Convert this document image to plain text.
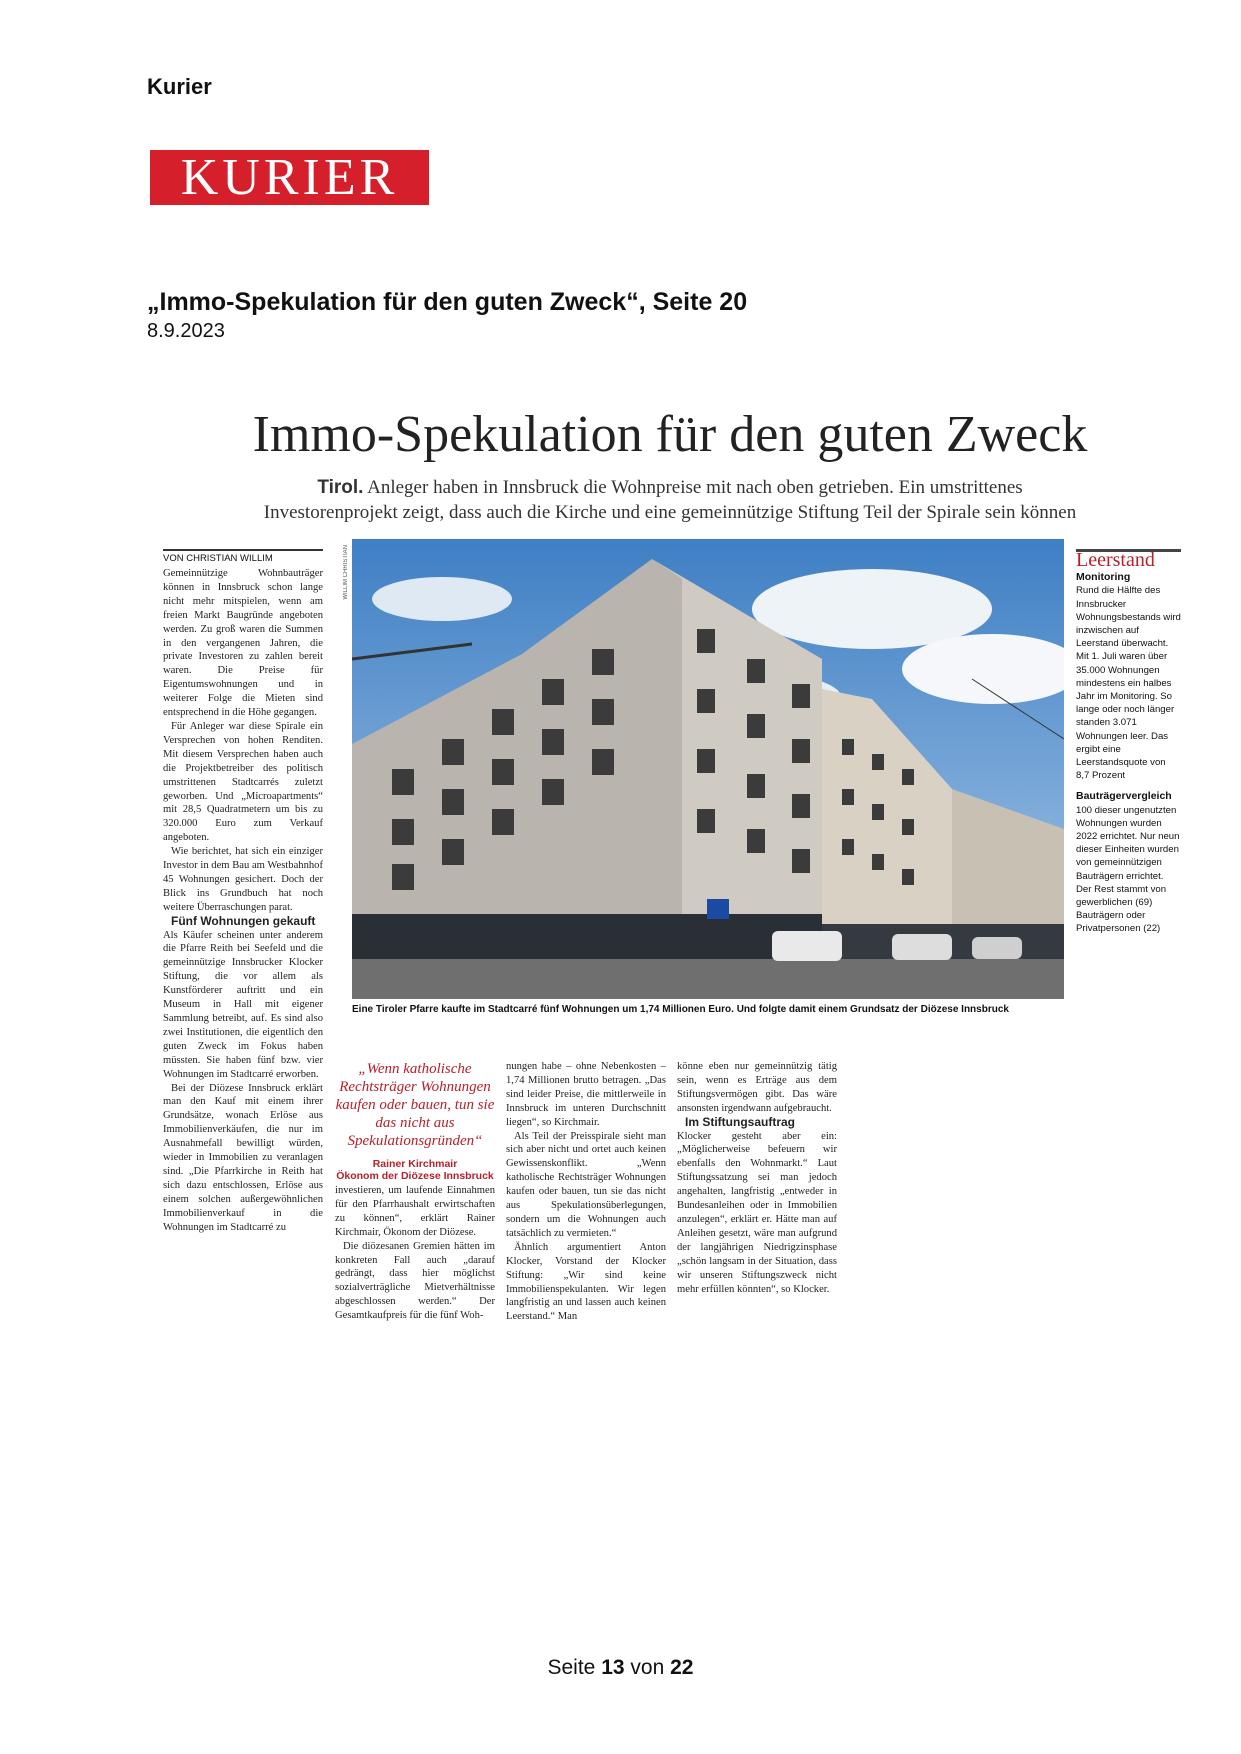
Kurier
KURIER
„Immo-Spekulation für den guten Zweck“, Seite 20
8.9.2023
Immo-Spekulation für den guten Zweck
Tirol. Anleger haben in Innsbruck die Wohnpreise mit nach oben getrieben. Ein umstrittenes
Investorenprojekt zeigt, dass auch die Kirche und eine gemeinnützige Stiftung Teil der Spirale sein können
VON CHRISTIAN WILLIM

Gemeinnützige Wohnbauträger können in Innsbruck schon lange nicht mehr mitspielen, wenn am freien Markt Baugründe angeboten werden. Zu groß waren die Summen in den vergangenen Jahren, die private Investoren zu zahlen bereit waren. Die Preise für Eigentumswohnungen und in weiterer Folge die Mieten sind entsprechend in die Höhe gegangen.

Für Anleger war diese Spirale ein Versprechen von hohen Renditen. Mit diesem Versprechen haben auch die Projektbetreiber des politisch umstrittenen Stadtcarrés zuletzt geworben. Und „Microapartments“ mit 28,5 Quadratmetern um bis zu 320.000 Euro zum Verkauf angeboten.

Wie berichtet, hat sich ein einziger Investor in dem Bau am Westbahnhof 45 Wohnungen gesichert. Doch der Blick ins Grundbuch hat noch weitere Überraschungen parat.

Fünf Wohnungen gekauft

Als Käufer scheinen unter anderem die Pfarre Reith bei Seefeld und die gemeinnützige Innsbrucker Klocker Stiftung, die vor allem als Kunstförderer auftritt und ein Museum in Hall mit eigener Sammlung betreibt, auf. Es sind also zwei Institutionen, die eigentlich den guten Zweck im Fokus haben müssten. Sie haben fünf bzw. vier Wohnungen im Stadtcarré erworben.

Bei der Diözese Innsbruck erklärt man den Kauf mit einem ihrer Grundsätze, wonach Erlöse aus Immobilienverkäufen, die nur im Ausnahmefall bewilligt würden, wieder in Immobilien zu veranlagen sind. „Die Pfarrkirche in Reith hat sich dazu entschlossen, Erlöse aus einem solchen außergewöhnlichen Immobilienverkauf in die Wohnungen im Stadtcarré zu

WILLIM CHRISTIAN
Eine Tiroler Pfarre kaufte im Stadtcarré fünf Wohnungen um 1,74 Millionen Euro. Und folgte damit einem Grundsatz der Diözese Innsbruck
Leerstand
Monitoring
Rund die Hälfte des Innsbrucker Wohnungsbestands wird inzwischen auf Leerstand überwacht. Mit 1. Juli waren über 35.000 Wohnungen mindestens ein halbes Jahr im Monitoring. So lange oder noch länger standen 3.071 Wohnungen leer. Das ergibt eine Leerstandsquote von 8,7 Prozent
Bauträgervergleich
100 dieser ungenutzten Wohnungen wurden 2022 errichtet. Nur neun dieser Einheiten wurden von gemeinnützigen Bauträgern errichtet. Der Rest stammt von gewerblichen (69) Bauträgern oder Privatpersonen (22)
„Wenn katholische Rechtsträger Wohnungen kaufen oder bauen, tun sie das nicht aus Spekulationsgründen“
Rainer Kirchmair
Ökonom der Diözese Innsbruck

investieren, um laufende Einnahmen für den Pfarrhaushalt erwirtschaften zu können“, erklärt Rainer Kirchmair, Ökonom der Diözese.

Die diözesanen Gremien hätten im konkreten Fall auch „darauf gedrängt, dass hier möglichst sozialverträgliche Mietverhältnisse abgeschlossen werden.“ Der Gesamtkaufpreis für die fünf Woh-

nungen habe – ohne Nebenkosten – 1,74 Millionen brutto betragen. „Das sind leider Preise, die mittlerweile in Innsbruck im unteren Durchschnitt liegen“, so Kirchmair.

Als Teil der Preisspirale sieht man sich aber nicht und ortet auch keinen Gewissenskonflikt. „Wenn katholische Rechtsträger Wohnungen kaufen oder bauen, tun sie das nicht aus Spekulationsüberlegungen, sondern um die Wohnungen auch tatsächlich zu vermieten.“

Ähnlich argumentiert Anton Klocker, Vorstand der Klocker Stiftung: „Wir sind keine Immobilienspekulanten. Wir legen langfristig an und lassen auch keinen Leerstand.“ Man

könne eben nur gemeinnützig tätig sein, wenn es Erträge aus dem Stiftungsvermögen gibt. Das wäre ansonsten irgendwann aufgebraucht.

Im Stiftungsauftrag

Klocker gesteht aber ein: „Möglicherweise befeuern wir ebenfalls den Wohnmarkt.“ Laut Stiftungssatzung sei man jedoch angehalten, langfristig „entweder in Bundesanleihen oder in Immobilien anzulegen“, erklärt er. Hätte man auf Anleihen gesetzt, wäre man aufgrund der langjährigen Niedrigzinsphase „schön langsam in der Situation, dass wir unseren Stiftungszweck nicht mehr erfüllen könnten“, so Klocker.

Seite 13 von 22
